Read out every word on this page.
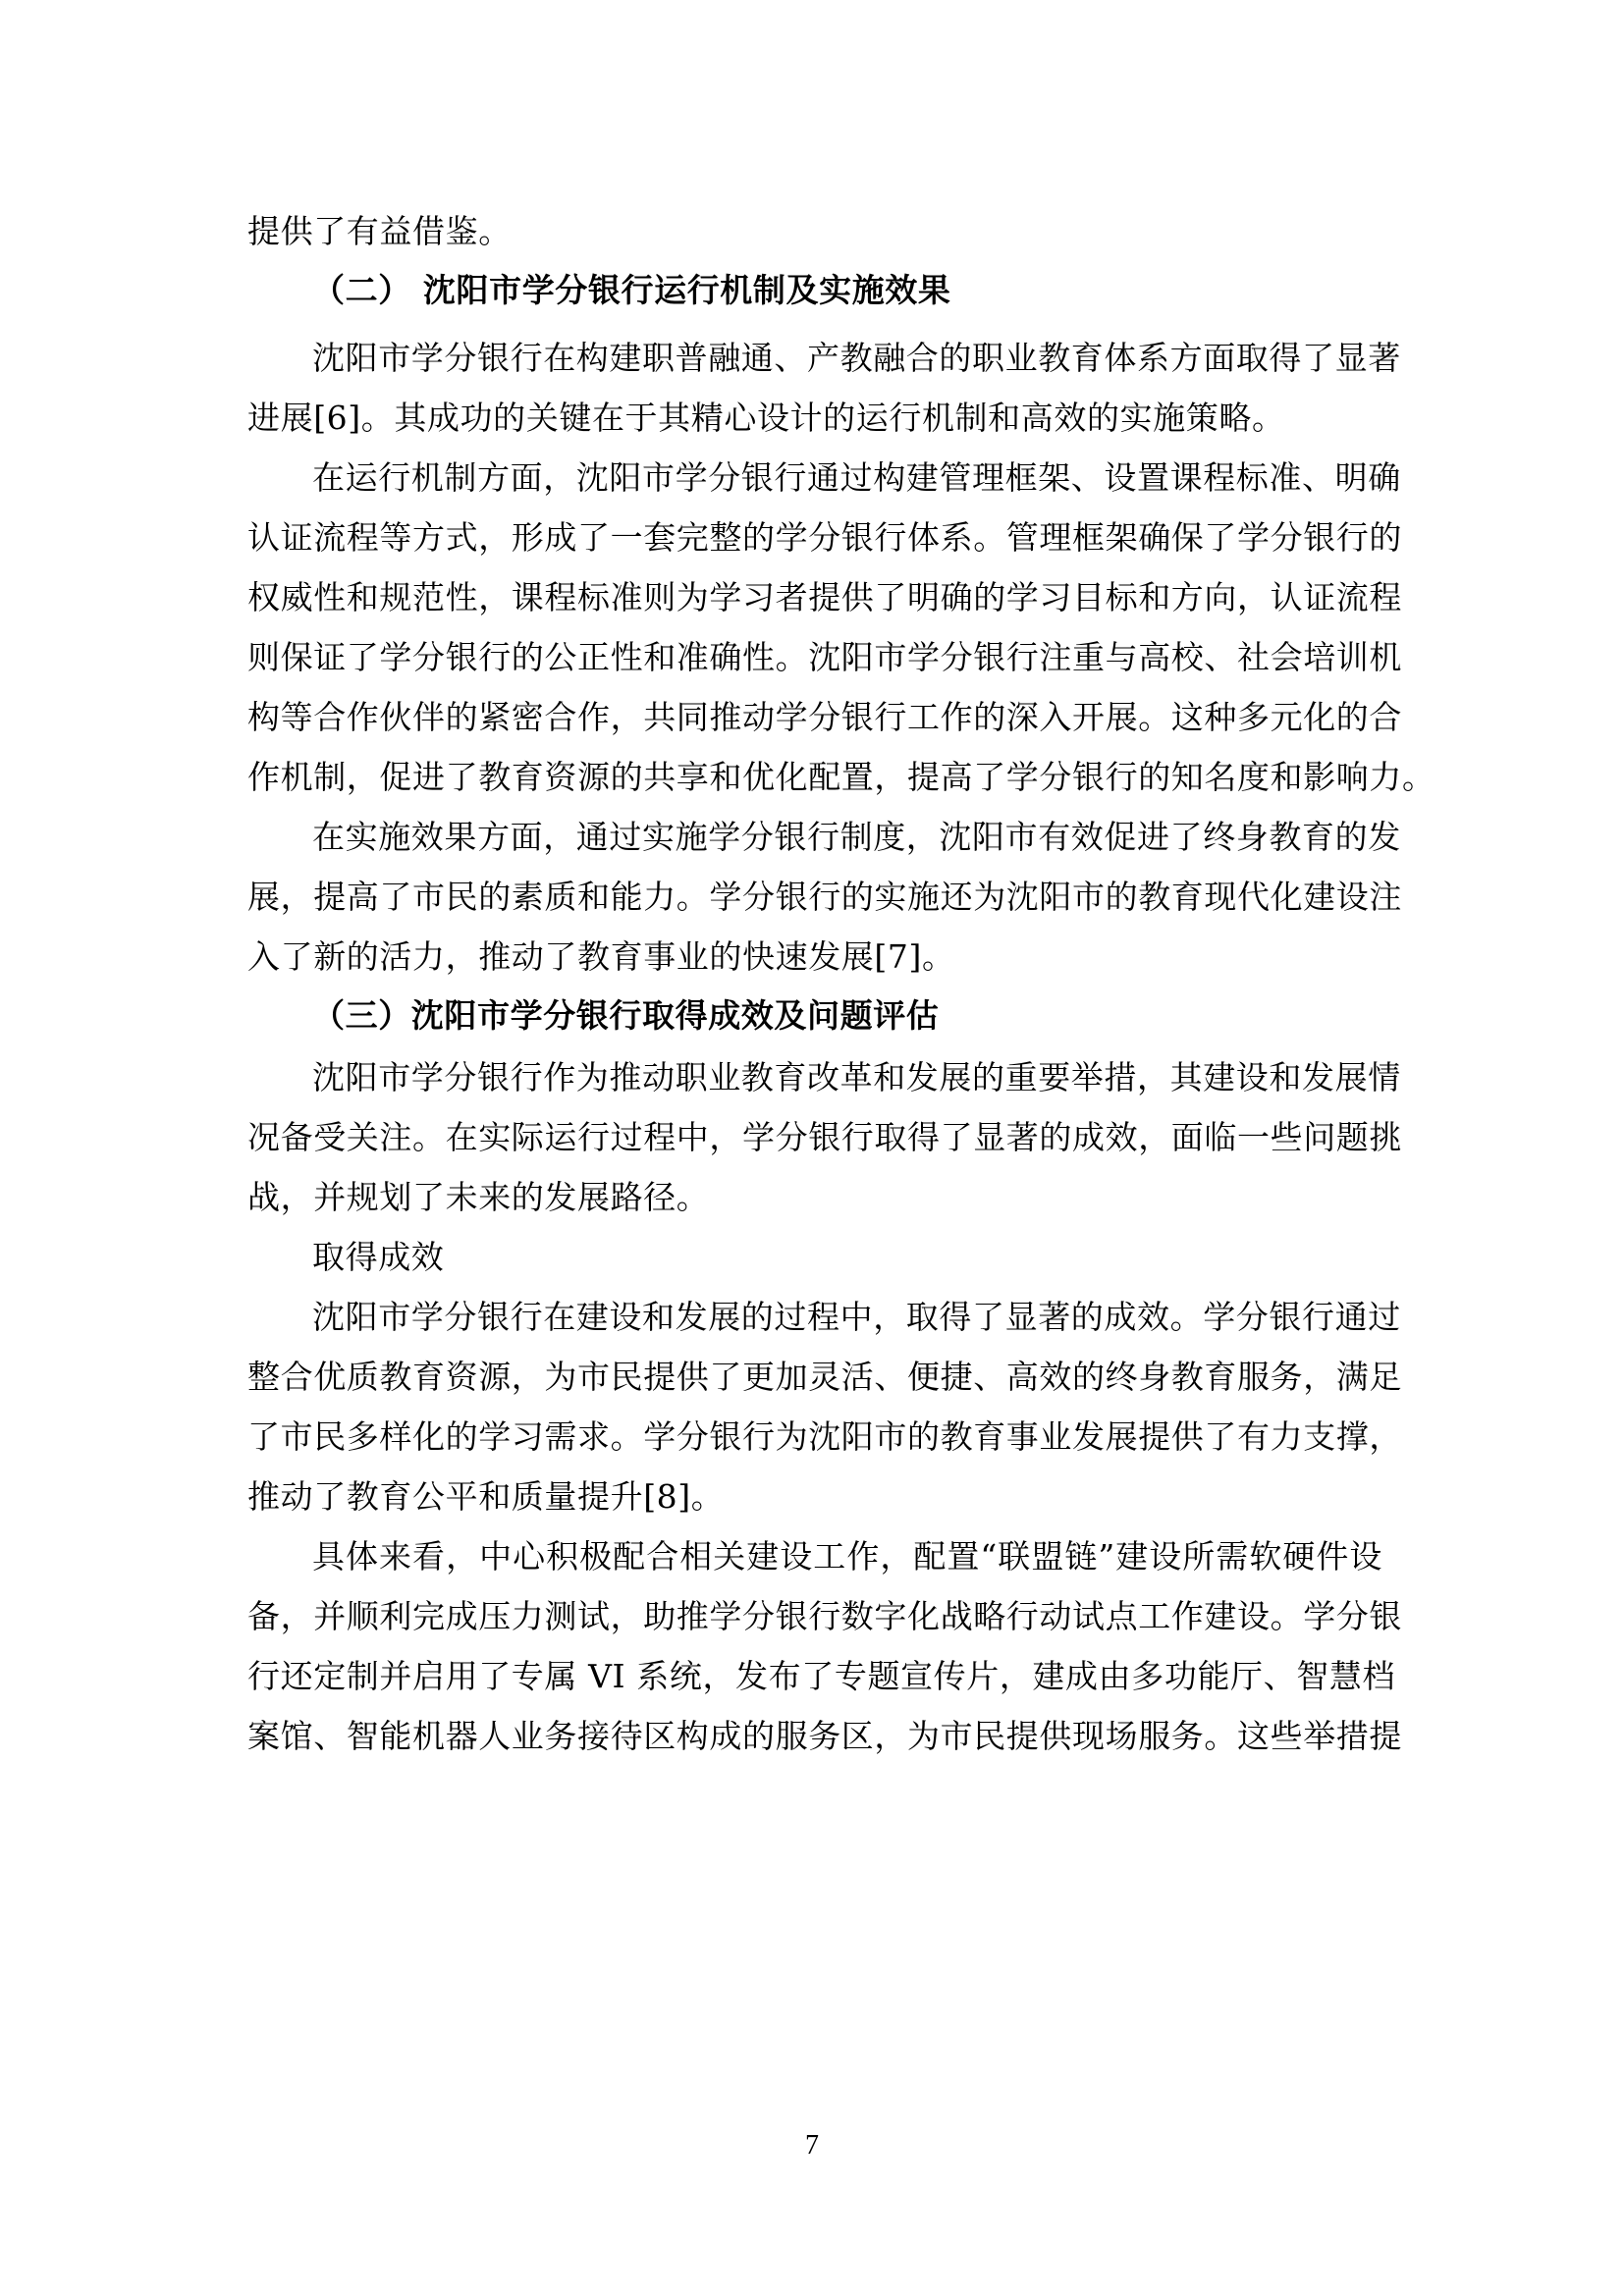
提供了有益借鉴。
（二） 沈阳市学分银行运行机制及实施效果
沈阳市学分银行在构建职普融通、产教融合的职业教育体系方面取得了显著
进展[6]。其成功的关键在于其精心设计的运行机制和高效的实施策略。
在运行机制方面，沈阳市学分银行通过构建管理框架、设置课程标准、明确
认证流程等方式，形成了一套完整的学分银行体系。管理框架确保了学分银行的
权威性和规范性，课程标准则为学习者提供了明确的学习目标和方向，认证流程
则保证了学分银行的公正性和准确性。沈阳市学分银行注重与高校、社会培训机
构等合作伙伴的紧密合作，共同推动学分银行工作的深入开展。这种多元化的合
作机制，促进了教育资源的共享和优化配置，提高了学分银行的知名度和影响力。
在实施效果方面，通过实施学分银行制度，沈阳市有效促进了终身教育的发
展，提高了市民的素质和能力。学分银行的实施还为沈阳市的教育现代化建设注
入了新的活力，推动了教育事业的快速发展[7]。
（三）沈阳市学分银行取得成效及问题评估
沈阳市学分银行作为推动职业教育改革和发展的重要举措，其建设和发展情
况备受关注。在实际运行过程中，学分银行取得了显著的成效，面临一些问题挑
战，并规划了未来的发展路径。
取得成效
沈阳市学分银行在建设和发展的过程中，取得了显著的成效。学分银行通过
整合优质教育资源，为市民提供了更加灵活、便捷、高效的终身教育服务，满足
了市民多样化的学习需求。学分银行为沈阳市的教育事业发展提供了有力支撑，
推动了教育公平和质量提升[8]。
具体来看，中心积极配合相关建设工作，配置“联盟链”建设所需软硬件设
备，并顺利完成压力测试，助推学分银行数字化战略行动试点工作建设。学分银
行还定制并启用了专属 VI 系统，发布了专题宣传片，建成由多功能厅、智慧档
案馆、智能机器人业务接待区构成的服务区，为市民提供现场服务。这些举措提
7
